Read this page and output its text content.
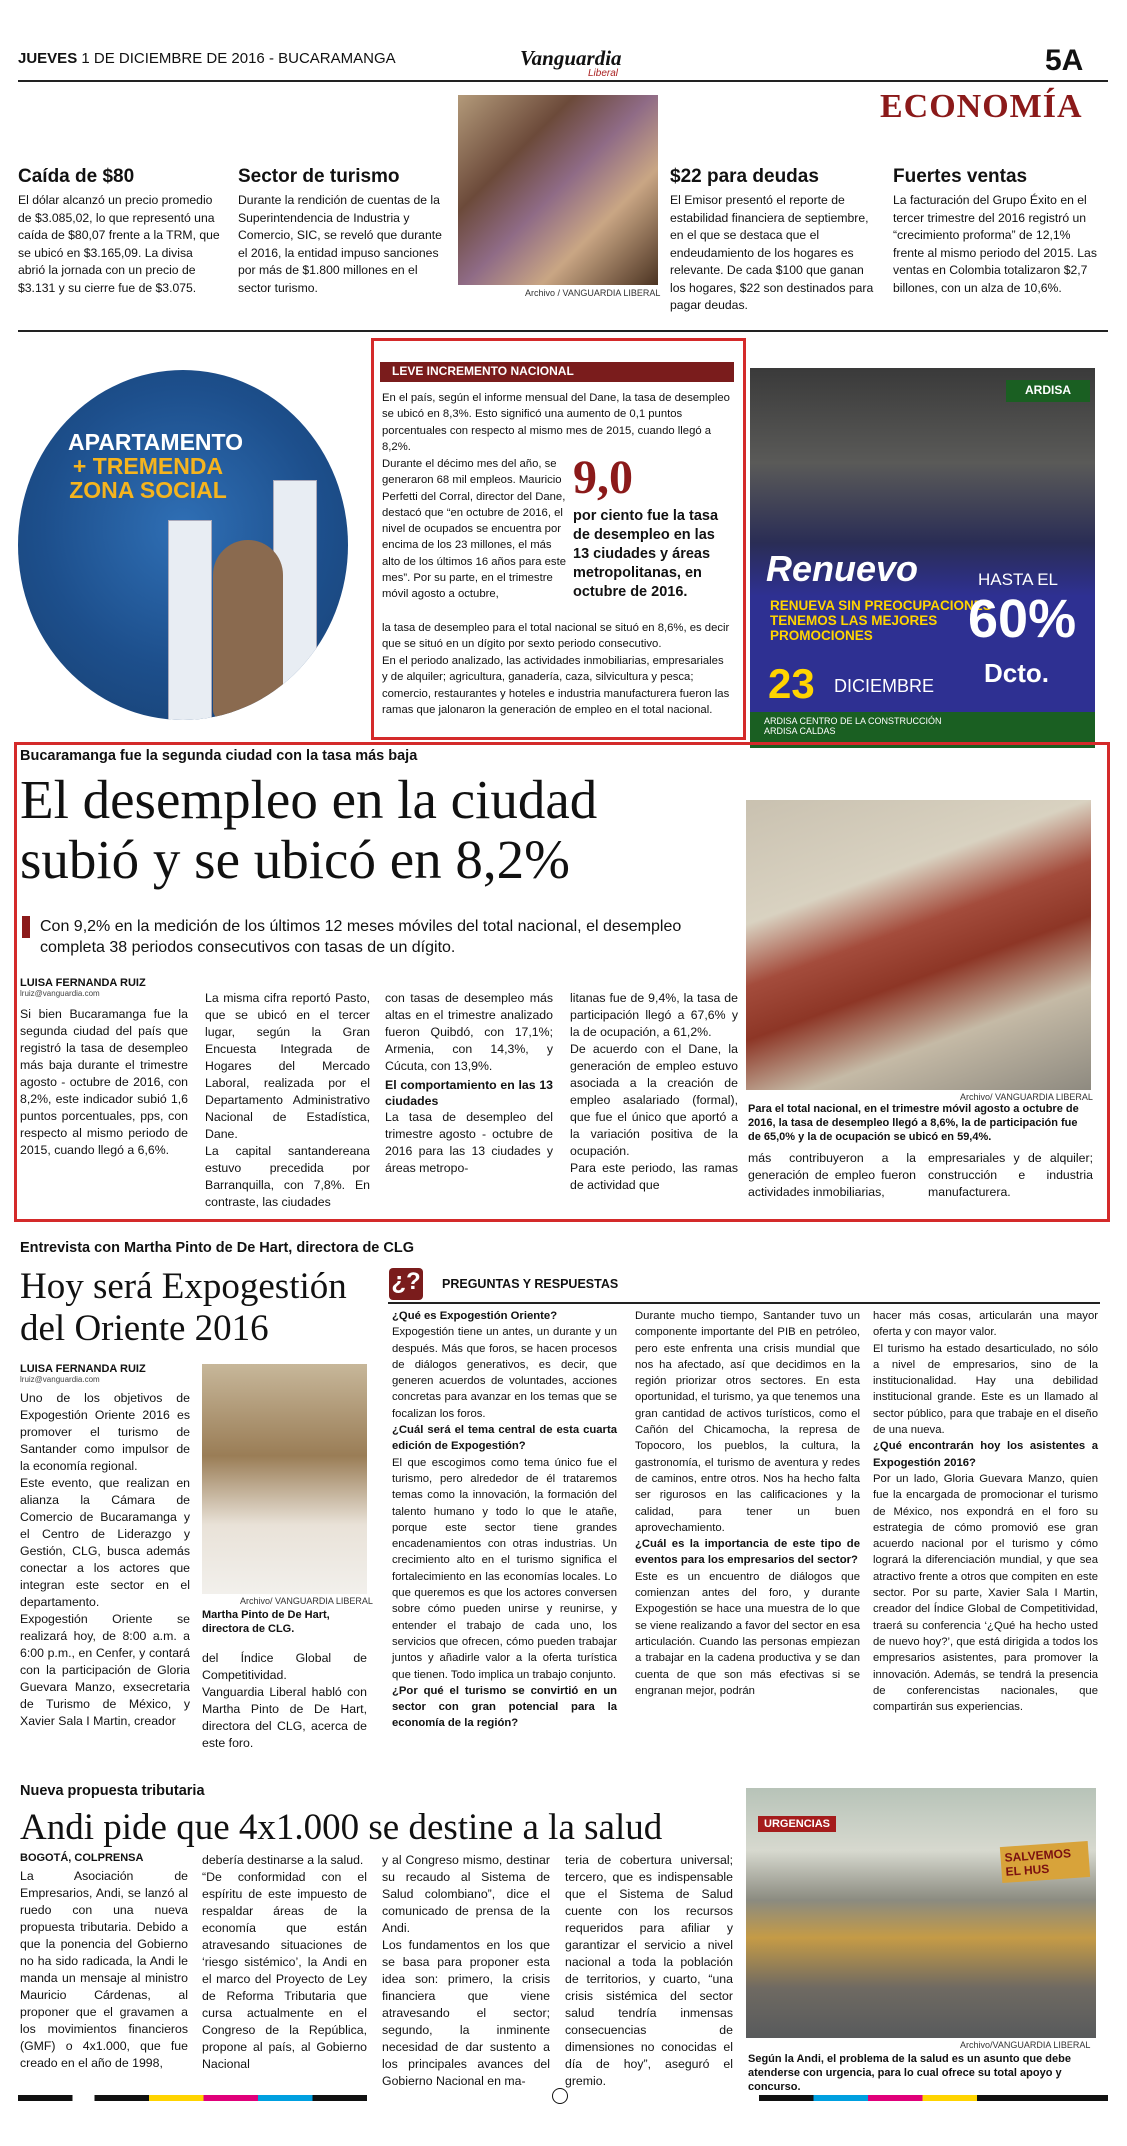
JUEVES 1 DE DICIEMBRE DE 2016 - BUCARAMANGA	Vanguardia
Liberal	5A
ECONOMÍA
Caída de $80

El dólar alcanzó un precio promedio de $3.085,02, lo que representó una caída de $80,07 frente a la TRM, que se ubicó en $3.165,09. La divisa abrió la jornada con un precio de $3.131 y su cierre fue de $3.075.

Sector de turismo

Durante la rendición de cuentas de la Superintendencia de Industria y Comercio, SIC, se reveló que durante el 2016, la entidad impuso sanciones por más de $1.800 millones en el sector turismo.	Archivo / VANGUARDIA LIBERAL
$22 para deudas

El Emisor presentó el reporte de estabilidad financiera de septiembre, en el que se destaca que el endeudamiento de los hogares es relevante. De cada $100 que ganan los hogares, $22 son destinados para pagar deudas.

Fuertes ventas

La facturación del Grupo Éxito en el tercer trimestre del 2016 registró un “crecimiento proforma” de 12,1% frente al mismo periodo del 2015. Las ventas en Colombia totalizaron $2,7 billones, con un alza de 10,6%.

APARTAMENTO
+ TREMENDA ZONA SOCIAL
LEVE INCREMENTO NACIONAL
En el país, según el informe mensual del Dane, la tasa de desempleo se ubicó en 8,3%. Esto significó una aumento de 0,1 puntos porcentuales con respecto al mismo mes de 2015, cuando llegó a 8,2%.
Durante el décimo mes del año, se generaron 68 mil empleos. Mauricio Perfetti del Corral, director del Dane, destacó que “en octubre de 2016, el nivel de ocupados se encuentra por encima de los 23 millones, el más alto de los últimos 16 años para este mes”. Por su parte, en el trimestre móvil agosto a octubre,
9,0
por ciento fue la tasa de desempleo en las 13 ciudades y áreas metropolitanas, en octubre de 2016.
la tasa de desempleo para el total nacional se situó en 8,6%, es decir que se situó en un dígito por sexto periodo consecutivo.
En el periodo analizado, las actividades inmobiliarias, empresariales y de alquiler; agricultura, ganadería, caza, silvicultura y pesca; comercio, restaurantes y hoteles e industria manufacturera fueron las ramas que jalonaron la generación de empleo en el total nacional.
ARDISA
Renuevo
RENUEVA SIN PREOCUPACIONES TENEMOS LAS MEJORES PROMOCIONES
HASTA EL
60%
Dcto.
23 DICIEMBRE
ARDISA CENTRO DE LA CONSTRUCCIÓN
ARDISA CALDAS
Bucaramanga fue la segunda ciudad con la tasa más baja
El desempleo en la ciudad
subió y se ubicó en 8,2%
Con 9,2% en la medición de los últimos 12 meses móviles del total nacional, el desempleo completa 38 periodos consecutivos con tasas de un dígito.
LUISA FERNANDA RUIZ
lruiz@vanguardia.com
Si bien Bucaramanga fue la segunda ciudad del país que registró la tasa de desempleo más baja durante el trimestre agosto - octubre de 2016, con 8,2%, este indicador subió 1,6 puntos porcentuales, pps, con respecto al mismo periodo de 2015, cuando llegó a 6,6%.

La misma cifra reportó Pasto, que se ubicó en el tercer lugar, según la Gran Encuesta Integrada de Hogares del Mercado Laboral, realizada por el Departamento Administrativo Nacional de Estadística, Dane.

La capital santandereana estuvo precedida por Barranquilla, con 7,8%. En contraste, las ciudades

con tasas de desempleo más altas en el trimestre analizado fueron Quibdó, con 17,1%; Armenia, con 14,3%, y Cúcuta, con 13,9%.

El comportamiento en las 13 ciudades

La tasa de desempleo del trimestre agosto - octubre de 2016 para las 13 ciudades y áreas metropo-

litanas fue de 9,4%, la tasa de participación llegó a 67,6% y la de ocupación, a 61,2%.

De acuerdo con el Dane, la generación de empleo estuvo asociada a la creación de empleo asalariado (formal), que fue el único que aportó a la variación positiva de la ocupación.

Para este periodo, las ramas de actividad que

Archivo/ VANGUARDIA LIBERAL
Para el total nacional, en el trimestre móvil agosto a octubre de 2016, la tasa de desempleo llegó a 8,6%, la de participación fue de 65,0% y la de ocupación se ubicó en 59,4%.
más contribuyeron a la generación de empleo fueron actividades inmobiliarias,
empresariales y de alquiler; construcción e industria manufacturera.
Entrevista con Martha Pinto de De Hart, directora de CLG
Hoy será Expogestión
del Oriente 2016
LUISA FERNANDA RUIZ
lruiz@vanguardia.com

Uno de los objetivos de Expogestión Oriente 2016 es promover el turismo de Santander como impulsor de la economía regional.

Este evento, que realizan en alianza la Cámara de Comercio de Bucaramanga y el Centro de Liderazgo y Gestión, CLG, busca además conectar a los actores que integran este sector en el departamento.

Expogestión Oriente se realizará hoy, de 8:00 a.m. a 6:00 p.m., en Cenfer, y contará con la participación de Gloria Guevara Manzo, exsecretaria de Turismo de México, y Xavier Sala I Martin, creador

Archivo/ VANGUARDIA LIBERAL
Martha Pinto de De Hart, directora de CLG.

del Índice Global de Competitividad.

Vanguardia Liberal habló con Martha Pinto de De Hart, directora del CLG, acerca de este foro.

¿? PREGUNTAS Y RESPUESTAS

¿Qué es Expogestión Oriente?

Expogestión tiene un antes, un durante y un después. Más que foros, se hacen procesos de diálogos generativos, es decir, que generen acuerdos de voluntades, acciones concretas para avanzar en los temas que se focalizan los foros.

¿Cuál será el tema central de esta cuarta edición de Expogestión?

El que escogimos como tema único fue el turismo, pero alrededor de él trataremos temas como la innovación, la formación del talento humano y todo lo que le atañe, porque este sector tiene grandes encadenamientos con otras industrias. Un crecimiento alto en el turismo significa el fortalecimiento en las economías locales. Lo que queremos es que los actores conversen sobre cómo pueden unirse y reunirse, y entender el trabajo de cada uno, los servicios que ofrecen, cómo pueden trabajar juntos y añadirle valor a la oferta turística que tienen. Todo implica un trabajo conjunto.

¿Por qué el turismo se convirtió en un sector con gran potencial para la economía de la región?

Durante mucho tiempo, Santander tuvo un componente importante del PIB en petróleo, pero este enfrenta una crisis mundial que nos ha afectado, así que decidimos en la región priorizar otros sectores. En esta oportunidad, el turismo, ya que tenemos una gran cantidad de activos turísticos, como el Cañón del Chicamocha, la represa de Topocoro, los pueblos, la cultura, la gastronomía, el turismo de aventura y redes de caminos, entre otros. Nos ha hecho falta ser rigurosos en las calificaciones y la calidad, para tener un buen aprovechamiento.

¿Cuál es la importancia de este tipo de eventos para los empresarios del sector?

Este es un encuentro de diálogos que comienzan antes del foro, y durante Expogestión se hace una muestra de lo que se viene realizando a favor del sector en esa articulación. Cuando las personas empiezan a trabajar en la cadena productiva y se dan cuenta de que son más efectivas si se engranan mejor, podrán

hacer más cosas, articularán una mayor oferta y con mayor valor.

El turismo ha estado desarticulado, no sólo a nivel de empresarios, sino de la institucionalidad. Hay una debilidad institucional grande. Este es un llamado al sector público, para que trabaje en el diseño de una nueva.

¿Qué encontrarán hoy los asistentes a Expogestión 2016?

Por un lado, Gloria Guevara Manzo, quien fue la encargada de promocionar el turismo de México, nos expondrá en el foro su estrategia de cómo promovió ese gran acuerdo nacional por el turismo y cómo logrará la diferenciación mundial, y que sea atractivo frente a otros que compiten en este sector. Por su parte, Xavier Sala I Martin, creador del Índice Global de Competitividad, traerá su conferencia ‘¿Qué ha hecho usted de nuevo hoy?’, que está dirigida a todos los empresarios asistentes, para promover la innovación. Además, se tendrá la presencia de conferencistas nacionales, que compartirán sus experiencias.

Nueva propuesta tributaria
Andi pide que 4x1.000 se destine a la salud
BOGOTÁ, COLPRENSA
La Asociación de Empresarios, Andi, se lanzó al ruedo con una nueva propuesta tributaria. Debido a que la ponencia del Gobierno no ha sido radicada, la Andi le manda un mensaje al ministro Mauricio Cárdenas, al proponer que el gravamen a los movimientos financieros (GMF) o 4x1.000, que fue creado en el año de 1998,

debería destinarse a la salud.

“De conformidad con el espíritu de este impuesto de respaldar áreas de la economía que están atravesando situaciones de ‘riesgo sistémico’, la Andi en el marco del Proyecto de Ley de Reforma Tributaria que cursa actualmente en el Congreso de la República, propone al país, al Gobierno Nacional

y al Congreso mismo, destinar su recaudo al Sistema de Salud colombiano”, dice el comunicado de prensa de la Andi.

Los fundamentos en los que se basa para proponer esta idea son: primero, la crisis financiera que viene atravesando el sector; segundo, la inminente necesidad de dar sustento a los principales avances del Gobierno Nacional en ma-

teria de cobertura universal; tercero, que es indispensable que el Sistema de Salud cuente con los recursos requeridos para afiliar y garantizar el servicio a nivel nacional a toda la población de territorios, y cuarto, “una crisis sistémica del sector salud tendría inmensas consecuencias de dimensiones no conocidas el día de hoy”, aseguró el gremio.
URGENCIAS
SALVEMOS EL HUS
Archivo/VANGUARDIA LIBERAL
Según la Andi, el problema de la salud es un asunto que debe atenderse con urgencia, para lo cual ofrece su total apoyo y concurso.
